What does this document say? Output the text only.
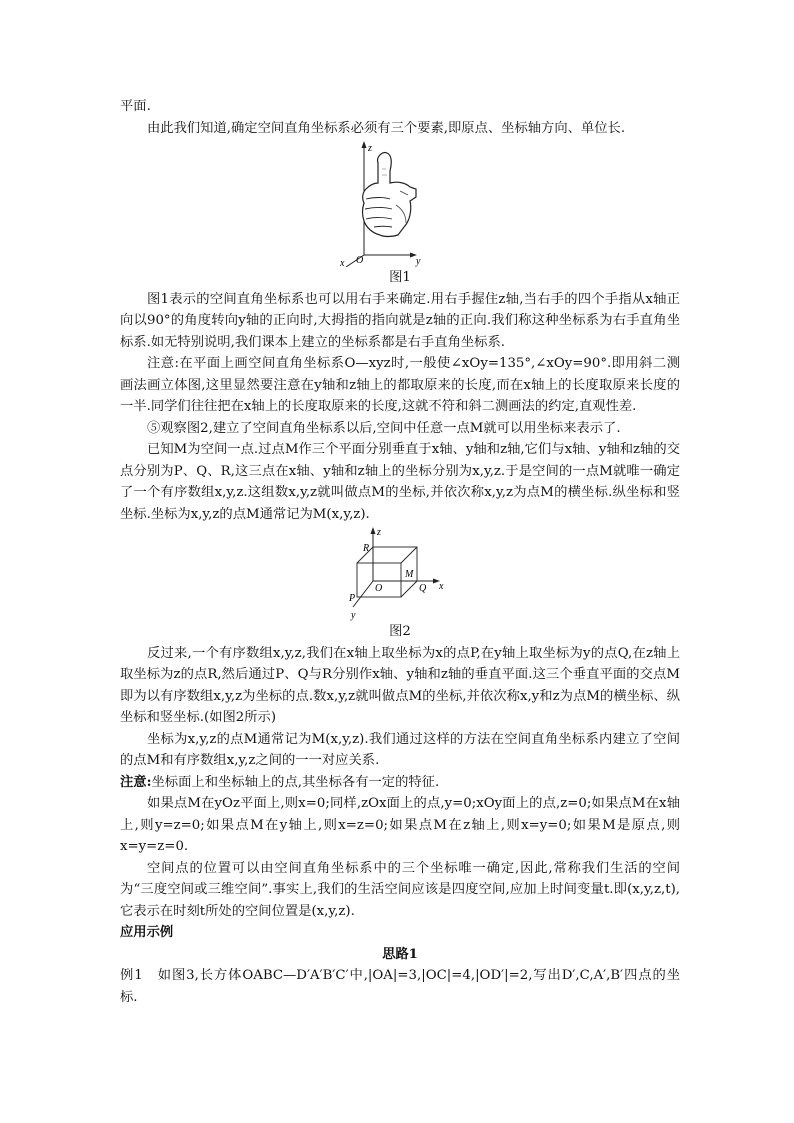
平面.

由此我们知道,确定空间直角坐标系必须有三个要素,即原点、坐标轴方向、单位长.

z
y
x O

图1

图1表示的空间直角坐标系也可以用右手来确定.用右手握住z轴,当右手的四个手指从x轴正向以90°的角度转向y轴的正向时,大拇指的指向就是z轴的正向.我们称这种坐标系为右手直角坐标系.如无特别说明,我们课本上建立的坐标系都是右手直角坐标系.

注意:在平面上画空间直角坐标系O—xyz时,一般使∠xOy=135°,∠xOy=90°.即用斜二测画法画立体图,这里显然要注意在y轴和z轴上的都取原来的长度,而在x轴上的长度取原来长度的一半.同学们往往把在x轴上的长度取原来的长度,这就不符和斜二测画法的约定,直观性差.

⑤观察图2,建立了空间直角坐标系以后,空间中任意一点M就可以用坐标来表示了.

已知M为空间一点.过点M作三个平面分别垂直于x轴、y轴和z轴,它们与x轴、y轴和z轴的交点分别为P、Q、R,这三点在x轴、y轴和z轴上的坐标分别为x,y,z.于是空间的一点M就唯一确定了一个有序数组x,y,z.这组数x,y,z就叫做点M的坐标,并依次称x,y,z为点M的横坐标.纵坐标和竖坐标.坐标为x,y,z的点M通常记为M(x,y,z).

z
R
M
O	Q x
P
y

图2

反过来,一个有序数组x,y,z,我们在x轴上取坐标为x的点P,在y轴上取坐标为y的点Q,在z轴上取坐标为z的点R,然后通过P、Q与R分别作x轴、y轴和z轴的垂直平面.这三个垂直平面的交点M即为以有序数组x,y,z为坐标的点.数x,y,z就叫做点M的坐标,并依次称x,y和z为点M的横坐标、纵坐标和竖坐标.(如图2所示)

坐标为x,y,z的点M通常记为M(x,y,z).我们通过这样的方法在空间直角坐标系内建立了空间的点M和有序数组x,y,z之间的一一对应关系.

注意:坐标面上和坐标轴上的点,其坐标各有一定的特征.

如果点M在yOz平面上,则x=0;同样,zOx面上的点,y=0;xOy面上的点,z=0;如果点M在x轴上,则y=z=0;如果点M在y轴上,则x=z=0;如果点M在z轴上,则x=y=0;如果M是原点,则x=y=z=0.

空间点的位置可以由空间直角坐标系中的三个坐标唯一确定,因此,常称我们生活的空间为“三度空间或三维空间”.事实上,我们的生活空间应该是四度空间,应加上时间变量t.即(x,y,z,t),它表示在时刻t所处的空间位置是(x,y,z).

应用示例

思路1

例1　如图3,长方体OABC—D′A′B′C′中,|OA|=3,|OC|=4,|OD′|=2,写出D′,C,A′,B′四点的坐标.
